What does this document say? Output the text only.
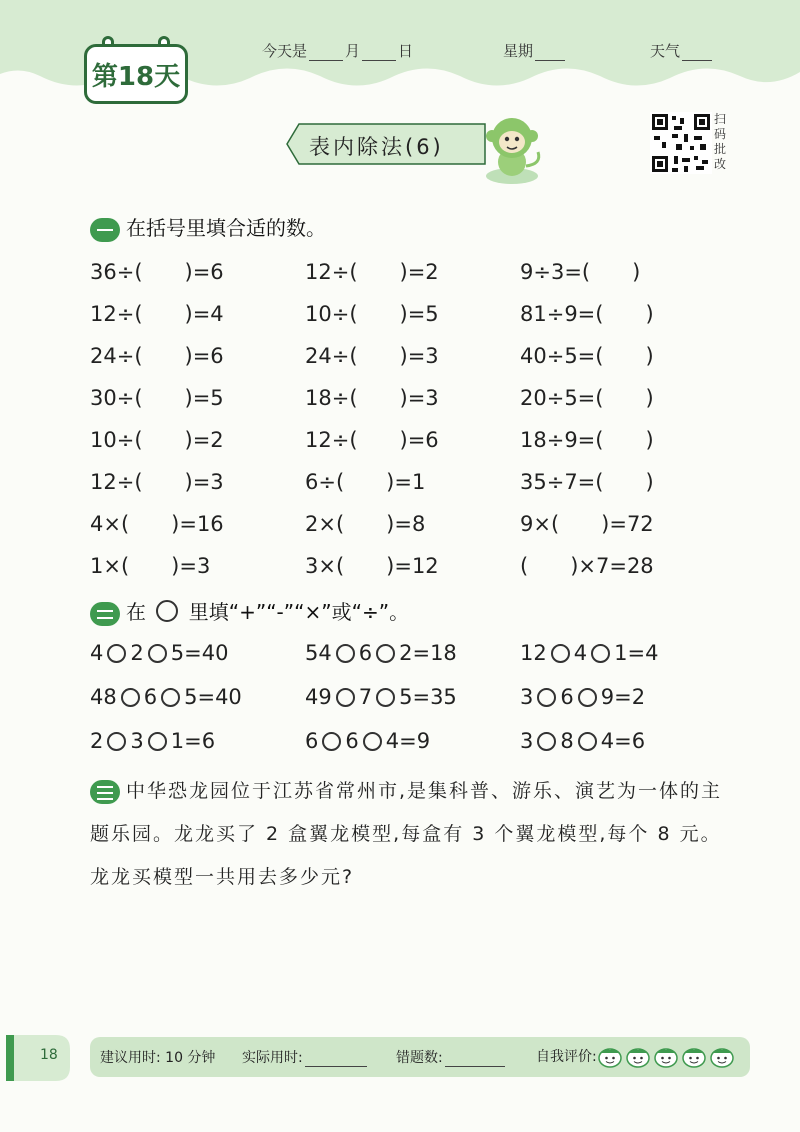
第18天
今天是	月	日	星期	天气
表内除法(6)
扫码批改
在括号里填合适的数。
36÷(　　)=6	12÷(　　)=2	9÷3=(　　)
12÷(　　)=4	10÷(　　)=5	81÷9=(　　)
24÷(　　)=6	24÷(　　)=3	40÷5=(　　)
30÷(　　)=5	18÷(　　)=3	20÷5=(　　)
10÷(　　)=2	12÷(　　)=6	18÷9=(　　)
12÷(　　)=3	6÷(　　)=1	35÷7=(　　)
4×(　　)=16	2×(　　)=8	9×(　　)=72
1×(　　)=3	3×(　　)=12	(　　)×7=28
在 里填“+”“-”“×”或“÷”。
4 2 5=40	54 6 2=18	12 4 1=4
48 6 5=40	49 7 5=35	3 6 9=2
2 3 1=6	6 6 4=9	3 8 4=6
中华恐龙园位于江苏省常州市,是集科普、游乐、演艺为一体的主题乐园。龙龙买了 2 盒翼龙模型,每盒有 3 个翼龙模型,每个 8 元。龙龙买模型一共用去多少元?
18	建议用时: 10 分钟 实际用时:	错题数:	自我评价:
